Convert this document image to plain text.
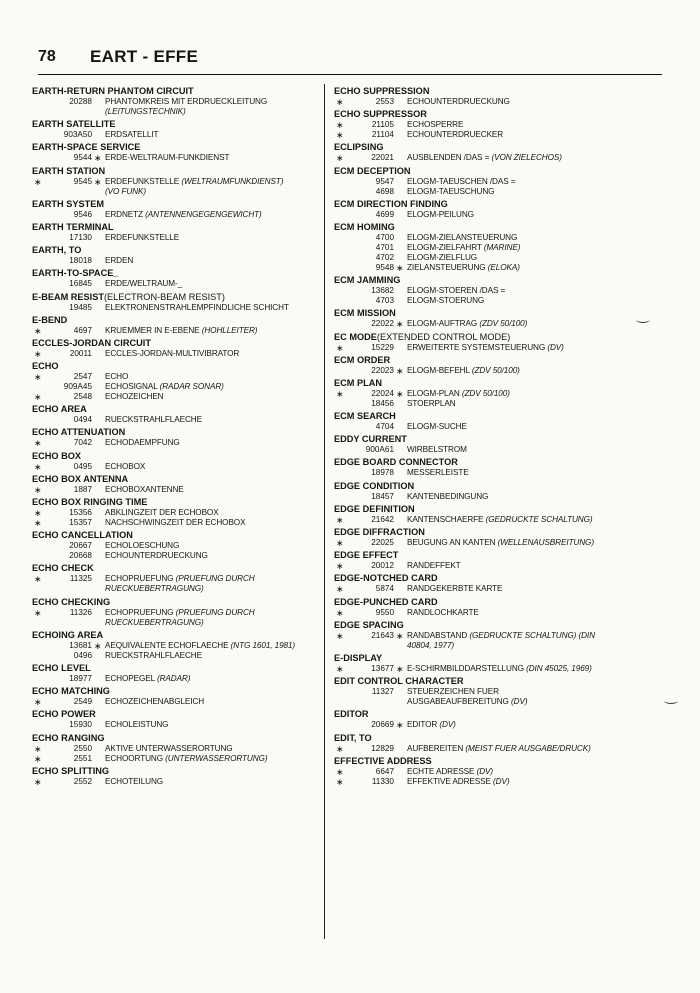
78 EART - EFFE
EARTH-RETURN PHANTOM CIRCUIT
20288 PHANTOMKREIS MIT ERDRUECKLEITUNG
(LEITUNGSTECHNIK)
EARTH SATELLITE
903A50 ERDSATELLIT
EARTH-SPACE SERVICE
9544 ∗ ERDE-WELTRAUM-FUNKDIENST
EARTH STATION
∗	9545 ∗ ERDEFUNKSTELLE (WELTRAUMFUNKDIENST)
(VO FUNK)
EARTH SYSTEM
9546 ERDNETZ (ANTENNENGEGENGEWICHT)
EARTH TERMINAL
17130 ERDEFUNKSTELLE
EARTH, TO
18018 ERDEN
EARTH-TO-SPACE_
16845 ERDE/WELTRAUM-_
E-BEAM RESIST(ELECTRON-BEAM RESIST)
19485 ELEKTRONENSTRAHLEMPFINDLICHE SCHICHT
E-BEND
∗	4697 KRUEMMER IN E-EBENE (HOHLLEITER)
ECCLES-JORDAN CIRCUIT
∗	20011 ECCLES-JORDAN-MULTIVIBRATOR
ECHO
∗	2547 ECHO
909A45 ECHOSIGNAL (RADAR SONAR)
∗	2548 ECHOZEICHEN
ECHO AREA
0494 RUECKSTRAHLFLAECHE
ECHO ATTENUATION
∗	7042 ECHODAEMPFUNG
ECHO BOX
∗	0495 ECHOBOX
ECHO BOX ANTENNA
∗	1887 ECHOBOXANTENNE
ECHO BOX RINGING TIME
∗	15356 ABKLINGZEIT DER ECHOBOX
∗	15357 NACHSCHWINGZEIT DER ECHOBOX
ECHO CANCELLATION
20667 ECHOLOESCHUNG
20668 ECHOUNTERDRUECKUNG
ECHO CHECK
∗	11325 ECHOPRUEFUNG (PRUEFUNG DURCH
RUECKUEBERTRAGUNG)
ECHO CHECKING
∗	11326 ECHOPRUEFUNG (PRUEFUNG DURCH
RUECKUEBERTRAGUNG)
ECHOING AREA
13681 ∗ AEQUIVALENTE ECHOFLAECHE (NTG 1601, 1981)
0496 RUECKSTRAHLFLAECHE
ECHO LEVEL
18977 ECHOPEGEL (RADAR)
ECHO MATCHING
∗	2549 ECHOZEICHENABGLEICH
ECHO POWER
15930 ECHOLEISTUNG
ECHO RANGING
∗	2550 AKTIVE UNTERWASSERORTUNG
∗	2551 ECHOORTUNG (UNTERWASSERORTUNG)
ECHO SPLITTING
∗	2552 ECHOTEILUNG
ECHO SUPPRESSION
∗	2553 ECHOUNTERDRUECKUNG
ECHO SUPPRESSOR
∗	21105 ECHOSPERRE
∗	21104 ECHOUNTERDRUECKER
ECLIPSING
∗	22021 AUSBLENDEN /DAS = (VON ZIELECHOS)
ECM DECEPTION
9547 ELOGM-TAEUSCHEN /DAS =
4698 ELOGM-TAEUSCHUNG
ECM DIRECTION FINDING
4699 ELOGM-PEILUNG
ECM HOMING
4700 ELOGM-ZIELANSTEUERUNG
4701 ELOGM-ZIELFAHRT (MARINE)
4702 ELOGM-ZIELFLUG
9548 ∗ ZIELANSTEUERUNG (ELOKA)
ECM JAMMING
13682 ELOGM-STOEREN /DAS =
4703 ELOGM-STOERUNG
ECM MISSION
22022 ∗ ELOGM-AUFTRAG (ZDV 50/100)
EC MODE(EXTENDED CONTROL MODE)
∗	15229 ERWEITERTE SYSTEMSTEUERUNG (DV)
ECM ORDER
22023 ∗ ELOGM-BEFEHL (ZDV 50/100)
ECM PLAN
∗	22024 ∗ ELOGM-PLAN (ZDV 50/100)
18456 STOERPLAN
ECM SEARCH
4704 ELOGM-SUCHE
EDDY CURRENT
900A61 WIRBELSTROM
EDGE BOARD CONNECTOR
18978 MESSERLEISTE
EDGE CONDITION
18457 KANTENBEDINGUNG
EDGE DEFINITION
∗	21642 KANTENSCHAERFE (GEDRUCKTE SCHALTUNG)
EDGE DIFFRACTION
∗	22025 BEUGUNG AN KANTEN (WELLENAUSBREITUNG)
EDGE EFFECT
∗	20012 RANDEFFEKT
EDGE-NOTCHED CARD
∗	5874 RANDGEKERBTE KARTE
EDGE-PUNCHED CARD
∗	9550 RANDLOCHKARTE
EDGE SPACING
∗	21643 ∗ RANDABSTAND (GEDRUCKTE SCHALTUNG) (DIN
40804, 1977)
E-DISPLAY
∗	13677 ∗ E-SCHIRMBILDDARSTELLUNG (DIN 45025, 1969)
EDIT CONTROL CHARACTER
11327 STEUERZEICHEN FUER
AUSGABEAUFBEREITUNG (DV)
EDITOR
20669 ∗ EDITOR (DV)
EDIT, TO
∗	12829 AUFBEREITEN (MEIST FUER AUSGABE/DRUCK)
EFFECTIVE ADDRESS
∗	6647 ECHTE ADRESSE (DV)
∗	11330 EFFEKTIVE ADRESSE (DV)
